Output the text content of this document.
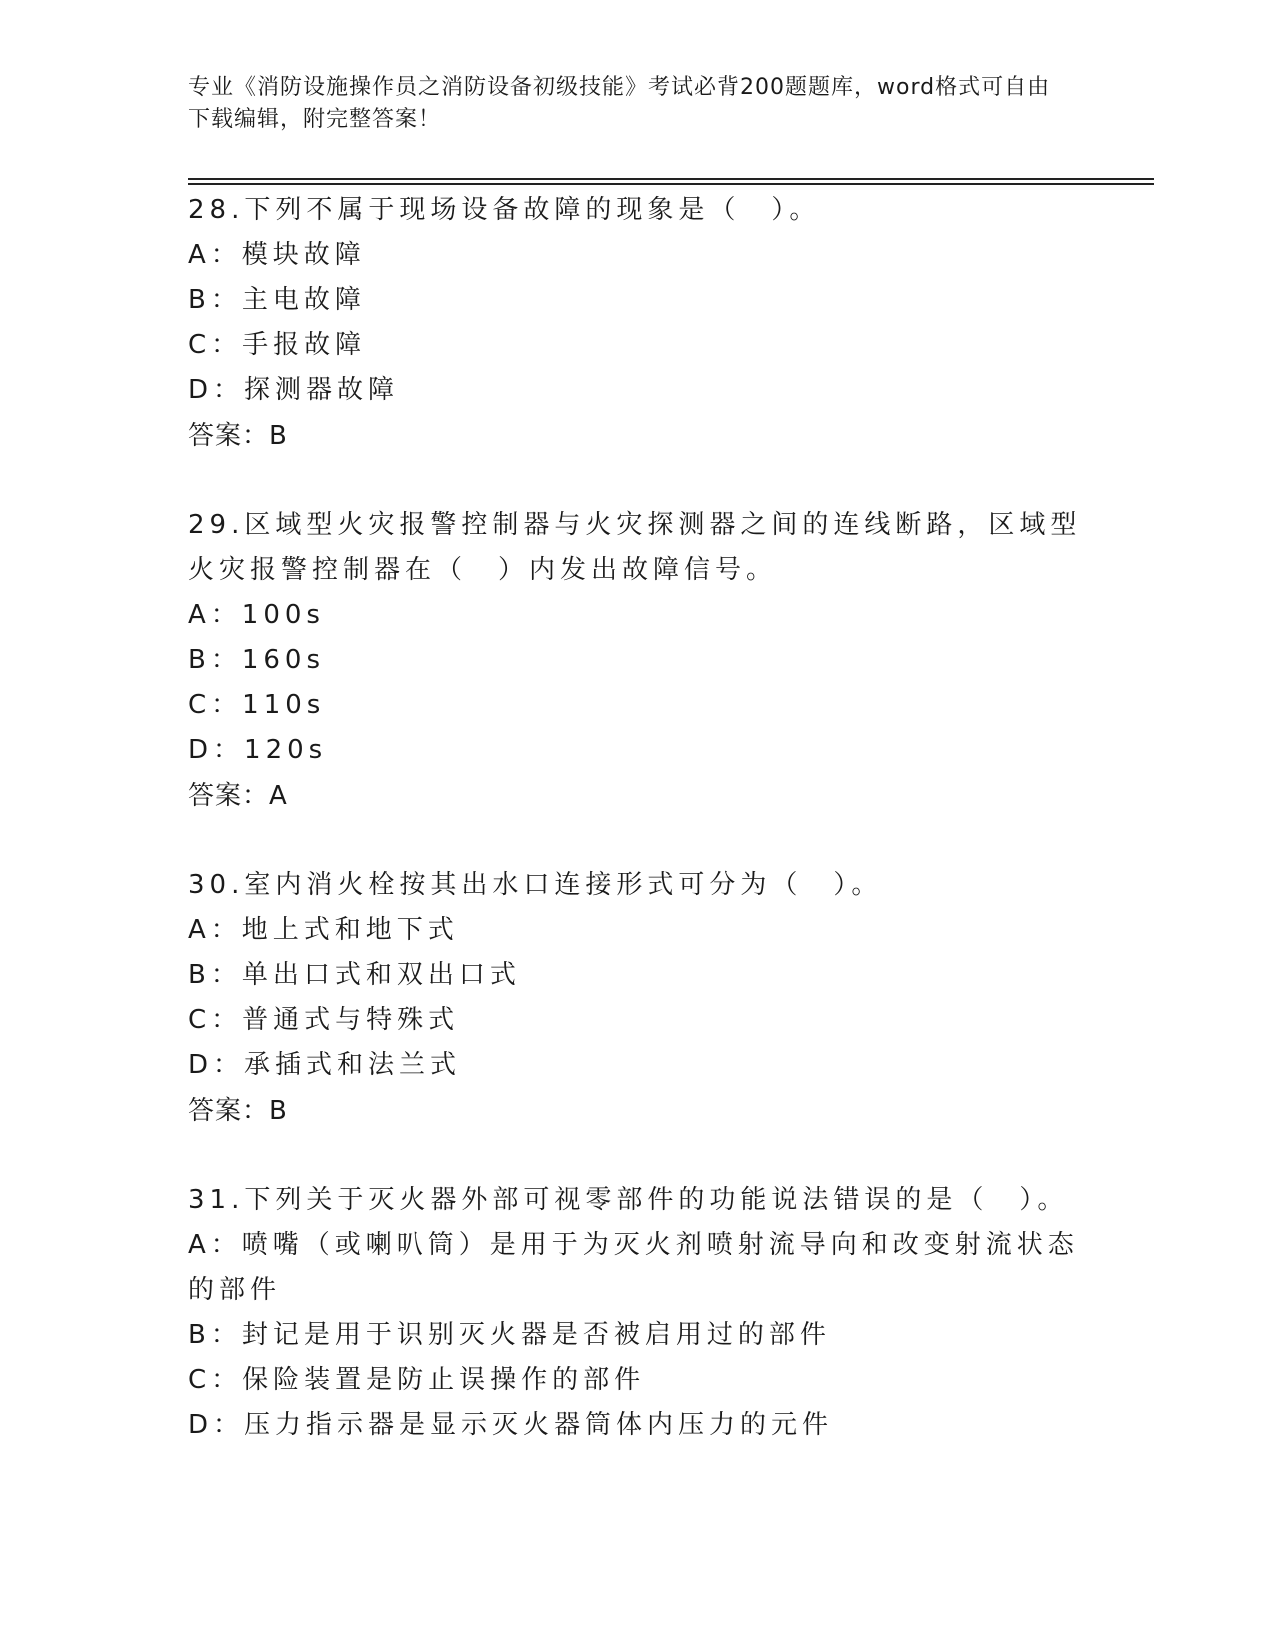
专业《消防设施操作员之消防设备初级技能》考试必背200题题库，word格式可自由下载编辑，附完整答案！

28.下列不属于现场设备故障的现象是（　）。

A：模块故障

B：主电故障

C：手报故障

D：探测器故障

答案：B

29.区域型火灾报警控制器与火灾探测器之间的连线断路，区域型火灾报警控制器在（　）内发出故障信号。

A：100s

B：160s

C：110s

D：120s

答案：A

30.室内消火栓按其出水口连接形式可分为（　）。

A：地上式和地下式

B：单出口式和双出口式

C：普通式与特殊式

D：承插式和法兰式

答案：B

31.下列关于灭火器外部可视零部件的功能说法错误的是（　）。

A：喷嘴（或喇叭筒）是用于为灭火剂喷射流导向和改变射流状态的部件

B：封记是用于识别灭火器是否被启用过的部件

C：保险装置是防止误操作的部件

D：压力指示器是显示灭火器筒体内压力的元件
